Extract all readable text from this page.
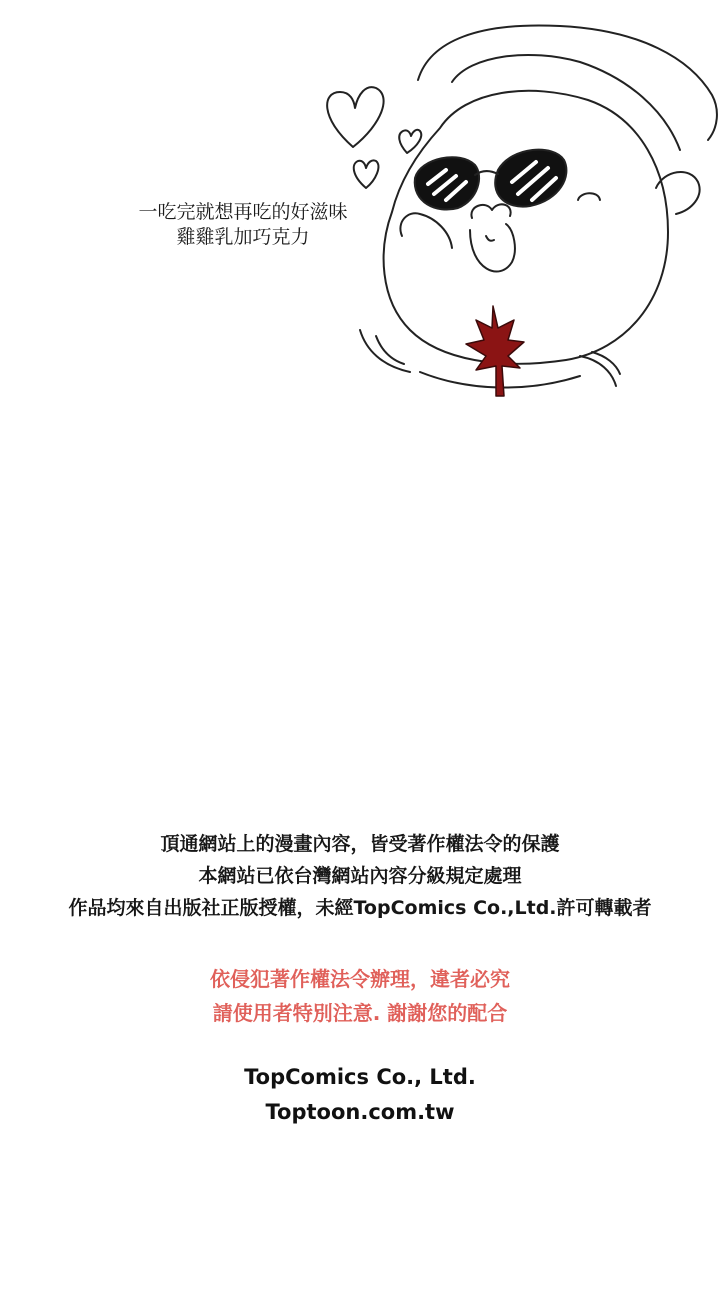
一吃完就想再吃的好滋味
雞雞乳加巧克力
頂通網站上的漫畫內容，皆受著作權法令的保護
本網站已依台灣網站內容分級規定處理
作品均來自出版社正版授權，未經TopComics Co.,Ltd.許可轉載者
依侵犯著作權法令辦理，違者必究
請使用者特別注意. 謝謝您的配合
TopComics Co., Ltd.
Toptoon.com.tw
